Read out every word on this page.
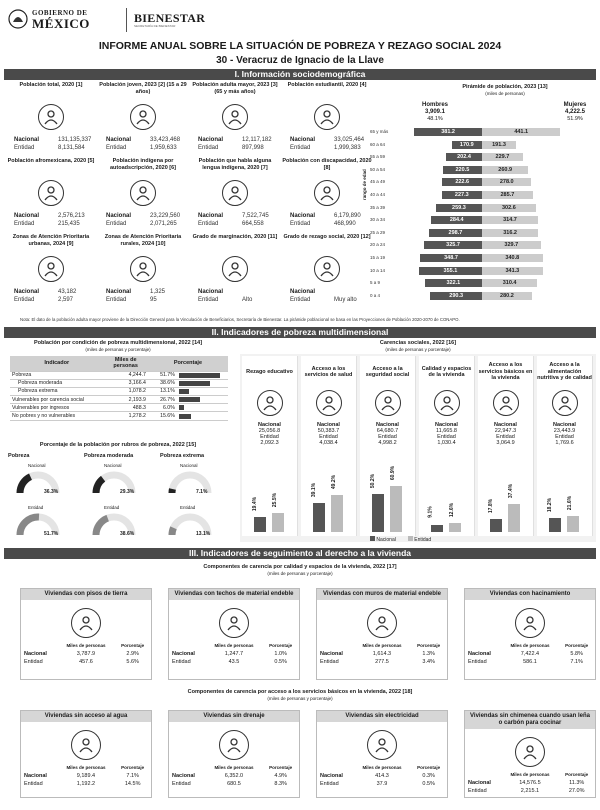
GOBIERNO DE
MÉXICO	BIENESTAR
SECRETARÍA DE BIENESTAR
INFORME ANUAL SOBRE LA SITUACIÓN DE POBREZA Y REZAGO SOCIAL 2024
30 - Veracruz de Ignacio de la Llave
I. Información sociodemográfica
Población total, 2020 [1]
Nacional	131,135,337
Entidad	8,131,584
Población joven, 2023 [2] (15 a 29 años)
Nacional	33,423,468
Entidad	1,959,633
Población adulta mayor, 2023 [3] (65 y más años)
Nacional	12,117,182
Entidad	897,998
Población estudiantil, 2020 [4]
Nacional	33,025,464
Entidad	1,999,383
Población afromexicana, 2020 [5]
Nacional	2,576,213
Entidad	215,435
Población indígena por autoadscripción, 2020 [6]
Nacional	23,229,560
Entidad	2,071,265
Población que habla alguna lengua indígena, 2020 [7]
Nacional	7,522,745
Entidad	664,558
Población con discapacidad, 2020 [8]
Nacional	6,179,890
Entidad	468,990
Zonas de Atención Prioritaria urbanas, 2024 [9]
Nacional	43,182
Entidad	2,597
Zonas de Atención Prioritaria rurales, 2024 [10]
Nacional	1,325
Entidad	95
Grado de marginación, 2020 [11]
Nacional
Entidad	Alto
Grado de rezago social, 2020 [12]
Nacional
Entidad	Muy alto
Pirámide de población, 2023 [13]
(miles de personas)
Hombres
3,909.1
48.1%
Mujeres
4,222.5
51.9%
rango de edad
65 y más	381.2	441.1
60 a 64	170.9	191.3
55 a 59	202.4	229.7
50 a 54	220.5	260.9
45 a 49	222.6	278.0
40 a 44	227.3	285.7
35 a 39	259.3	302.6
30 a 34	284.4	314.7
25 a 29	298.7	316.2
20 a 24	325.7	329.7
15 a 19	348.7	340.8
10 a 14	355.1	341.3
5 a 9	322.1	310.4
0 a 4	290.3	280.2
Nota: El dato de la población adulta mayor proviene de la Dirección General para la Vinculación de Beneficiarios, Secretaría de Bienestar. La pirámide poblacional se basa en las Proyecciones de Población 2020-2070 de CONAPO.
II. Indicadores de pobreza multidimensional
Población por condición de pobreza multidimensional, 2022 [14]
(miles de personas y porcentaje)
Indicador	Miles de personas	Porcentaje	
Pobreza	4,244.7	51.7%	

Pobreza moderada	3,166.4	38.6%	

Pobreza extrema	1,078.2	13.1%	

Vulnerables por carencia social	2,193.9	26.7%	

Vulnerables por ingresos	488.3	6.0%	

No pobres y no vulnerables	1,278.2	15.6%	
Porcentaje de la población por rubros de pobreza, 2022 [15]
Pobreza
Nacional
36.3%
Entidad
51.7%
Pobreza moderada
Nacional
29.3%
Entidad
38.6%
Pobreza extrema
Nacional
7.1%
Entidad
13.1%
Carencias sociales, 2022 [16]
(miles de personas y porcentaje)
Rezago educativo
Nacional
25,056.8
Entidad
2,092.3
19.4%	25.5%
Acceso a los servicios de salud
Nacional
50,383.7
Entidad
4,038.4
39.1%
49.2%
Acceso a la seguridad social
Nacional
64,680.7
Entidad
4,998.2
50.2%
60.9%
Calidad y espacios de la vivienda
Nacional
11,665.8
Entidad
1,030.4
9.1%	12.6%
Acceso a los servicios básicos en la vivienda
Nacional
22,947.3
Entidad
3,064.9
17.8%
37.4%
Acceso a la alimentación nutritiva y de calidad
Nacional
23,443.9
Entidad
1,769.6
18.2%	21.6%
Nacional	Entidad
III. Indicadores de seguimiento al derecho a la vivienda
Componentes de carencia por calidad y espacios de la vivienda, 2022 [17]
(miles de personas y porcentaje)
Viviendas con pisos de tierra
	Miles de personas	Porcentaje
Nacional	3,787.9	2.9%
Entidad	457.6	5.6%
Viviendas con techos de material endeble
	Miles de personas	Porcentaje
Nacional	1,247.7	1.0%
Entidad	43.5	0.5%
Viviendas con muros de material endeble
	Miles de personas	Porcentaje
Nacional	1,614.3	1.3%
Entidad	277.5	3.4%
Viviendas con hacinamiento
	Miles de personas	Porcentaje
Nacional	7,422.4	5.8%
Entidad	586.1	7.1%
Componentes de carencia por acceso a los servicios básicos en la vivienda, 2022 [18]
(miles de personas y porcentaje)
Viviendas sin acceso al agua
	Miles de personas	Porcentaje
Nacional	9,189.4	7.1%
Entidad	1,192.2	14.5%
Viviendas sin drenaje
	Miles de personas	Porcentaje
Nacional	6,352.0	4.9%
Entidad	680.5	8.3%
Viviendas sin electricidad
	Miles de personas	Porcentaje
Nacional	414.3	0.3%
Entidad	37.9	0.5%
Viviendas sin chimenea cuando usan leña o carbón para cocinar
	Miles de personas	Porcentaje
Nacional	14,576.5	11.3%
Entidad	2,215.1	27.0%
